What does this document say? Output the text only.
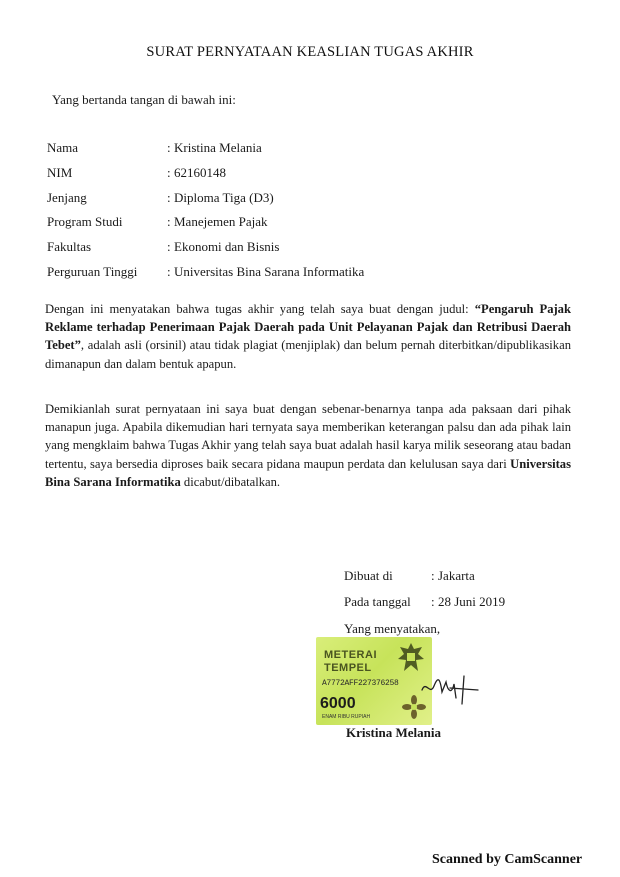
SURAT PERNYATAAN KEASLIAN TUGAS AKHIR
Yang bertanda tangan di bawah ini:
Nama	: Kristina Melania
NIM	: 62160148
Jenjang	: Diploma Tiga (D3)
Program Studi	: Manejemen Pajak
Fakultas	: Ekonomi dan Bisnis
Perguruan Tinggi : Universitas Bina Sarana Informatika
Dengan ini menyatakan bahwa tugas akhir yang telah saya buat dengan judul: “Pengaruh Pajak Reklame terhadap Penerimaan Pajak Daerah pada Unit Pelayanan Pajak dan Retribusi Daerah Tebet”, adalah asli (orsinil) atau tidak plagiat (menjiplak) dan belum pernah diterbitkan/dipublikasikan dimanapun dan dalam bentuk apapun.
Demikianlah surat pernyataan ini saya buat dengan sebenar-benarnya tanpa ada paksaan dari pihak manapun juga. Apabila dikemudian hari ternyata saya memberikan keterangan palsu dan ada pihak lain yang mengklaim bahwa Tugas Akhir yang telah saya buat adalah hasil karya milik seseorang atau badan tertentu, saya bersedia diproses baik secara pidana maupun perdata dan kelulusan saya dari Universitas Bina Sarana Informatika dicabut/dibatalkan.
Dibuat di	: Jakarta
Pada tanggal : 28 Juni 2019
Yang menyatakan,
METERAI
TEMPEL
A7772AFF227376258
6000
ENAM RIBU RUPIAH
Kristina Melania
Scanned by CamScanner
